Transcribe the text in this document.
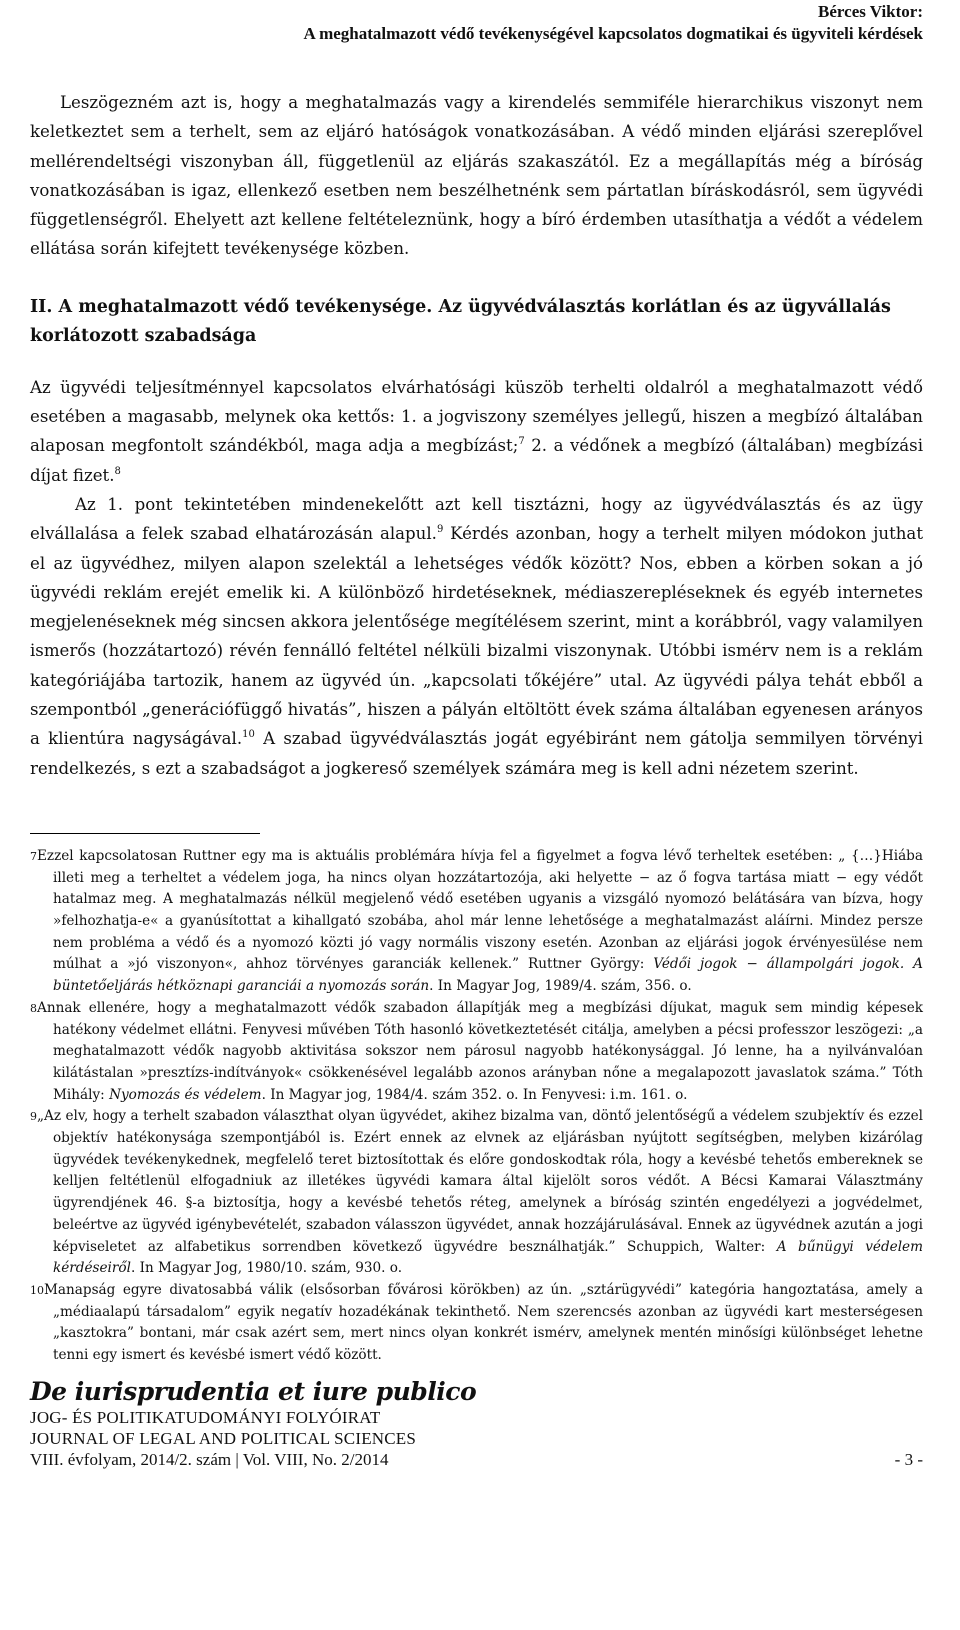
Bérces Viktor:
A meghatalmazott védő tevékenységével kapcsolatos dogmatikai és ügyviteli kérdések

Leszögezném azt is, hogy a meghatalmazás vagy a kirendelés semmiféle hierarchikus viszonyt nem keletkeztet sem a terhelt, sem az eljáró hatóságok vonatkozásában. A védő minden eljárási szereplővel mellérendeltségi viszonyban áll, függetlenül az eljárás szakaszától. Ez a megállapítás még a bíróság vonatkozásában is igaz, ellenkező esetben nem beszélhetnénk sem pártatlan bíráskodásról, sem ügyvédi függetlenségről. Ehelyett azt kellene feltételeznünk, hogy a bíró érdemben utasíthatja a védőt a védelem ellátása során kifejtett tevékenysége közben.

II. A meghatalmazott védő tevékenysége. Az ügyvédválasztás korlátlan és az ügyvállalás korlátozott szabadsága

Az ügyvédi teljesítménnyel kapcsolatos elvárhatósági küszöb terhelti oldalról a meghatalmazott védő esetében a magasabb, melynek oka kettős: 1. a jogviszony személyes jellegű, hiszen a megbízó általában alaposan megfontolt szándékból, maga adja a megbízást;$^7$ 2. a védőnek a megbízó (általában) megbízási díjat fizet.$^8$

Az 1. pont tekintetében mindenekelőtt azt kell tisztázni, hogy az ügyvédválasztás és az ügy elvállalása a felek szabad elhatározásán alapul.$^9$ Kérdés azonban, hogy a terhelt milyen módokon juthat el az ügyvédhez, milyen alapon szelektál a lehetséges védők között? Nos, ebben a körben sokan a jó ügyvédi reklám erejét emelik ki. A különböző hirdetéseknek, médiaszerepléseknek és egyéb internetes megjelenéseknek még sincsen akkora jelentősége megítélésem szerint, mint a korábbról, vagy valamilyen ismerős (hozzátartozó) révén fennálló feltétel nélküli bizalmi viszonynak. Utóbbi ismérv nem is a reklám kategóriájába tartozik, hanem az ügyvéd ún. „kapcsolati tőkéjére” utal. Az ügyvédi pálya tehát ebből a szempontból „generációfüggő hivatás”, hiszen a pályán eltöltött évek száma általában egyenesen arányos a klientúra nagyságával.$^{10}$ A szabad ügyvédválasztás jogát egyébiránt nem gátolja semmilyen törvényi rendelkezés, s ezt a szabadságot a jogkereső személyek számára meg is kell adni nézetem szerint.

7Ezzel kapcsolatosan Ruttner egy ma is aktuális problémára hívja fel a figyelmet a fogva lévő terheltek esetében: „ {…}Hiába illeti meg a terheltet a védelem joga, ha nincs olyan hozzátartozója, aki helyette − az ő fogva tartása miatt − egy védőt hatalmaz meg. A meghatalmazás nélkül megjelenő védő esetében ugyanis a vizsgáló nyomozó belátására van bízva, hogy »felhozhatja-e« a gyanúsítottat a kihallgató szobába, ahol már lenne lehetősége a meghatalmazást aláírni. Mindez persze nem probléma a védő és a nyomozó közti jó vagy normális viszony esetén. Azonban az eljárási jogok érvényesülése nem múlhat a »jó viszonyon«, ahhoz törvényes garanciák kellenek.” Ruttner György: Védői jogok − állampolgári jogok. A büntetőeljárás hétköznapi garanciái a nyomozás során. In Magyar Jog, 1989/4. szám, 356. o.

8Annak ellenére, hogy a meghatalmazott védők szabadon állapítják meg a megbízási díjukat, maguk sem mindig képesek hatékony védelmet ellátni. Fenyvesi művében Tóth hasonló következtetését citálja, amelyben a pécsi professzor leszögezi: „a meghatalmazott védők nagyobb aktivitása sokszor nem párosul nagyobb hatékonysággal. Jó lenne, ha a nyilvánvalóan kilátástalan »presztízs-indítványok« csökkenésével legalább azonos arányban nőne a megalapozott javaslatok száma.” Tóth Mihály: Nyomozás és védelem. In Magyar jog, 1984/4. szám 352. o. In Fenyvesi: i.m. 161. o.

9„Az elv, hogy a terhelt szabadon választhat olyan ügyvédet, akihez bizalma van, döntő jelentőségű a védelem szubjektív és ezzel objektív hatékonysága szempontjából is. Ezért ennek az elvnek az eljárásban nyújtott segítségben, melyben kizárólag ügyvédek tevékenykednek, megfelelő teret biztosítottak és előre gondoskodtak róla, hogy a kevésbé tehetős embereknek se kelljen feltétlenül elfogadniuk az illetékes ügyvédi kamara által kijelölt soros védőt. A Bécsi Kamarai Választmány ügyrendjének 46. §-a biztosítja, hogy a kevésbé tehetős réteg, amelynek a bíróság szintén engedélyezi a jogvédelmet, beleértve az ügyvéd igénybevételét, szabadon válasszon ügyvédet, annak hozzájárulásával. Ennek az ügyvédnek azután a jogi képviseletet az alfabetikus sorrendben következő ügyvédre besználhatják.” Schuppich, Walter: A bűnügyi védelem kérdéseiről. In Magyar Jog, 1980/10. szám, 930. o.

10Manapság egyre divatosabbá válik (elsősorban fővárosi körökben) az ún. „sztárügyvédi” kategória hangoztatása, amely a „médiaalapú társadalom” egyik negatív hozadékának tekinthető. Nem szerencsés azonban az ügyvédi kart mesterségesen „kasztokra” bontani, már csak azért sem, mert nincs olyan konkrét ismérv, amelynek mentén minősígi különbséget lehetne tenni egy ismert és kevésbé ismert védő között.

De iurisprudentia et iure publico
JOG- ÉS POLITIKATUDOMÁNYI FOLYÓIRAT
JOURNAL OF LEGAL AND POLITICAL SCIENCES
VIII. évfolyam, 2014/2. szám | Vol. VIII, No. 2/2014	- 3 -
